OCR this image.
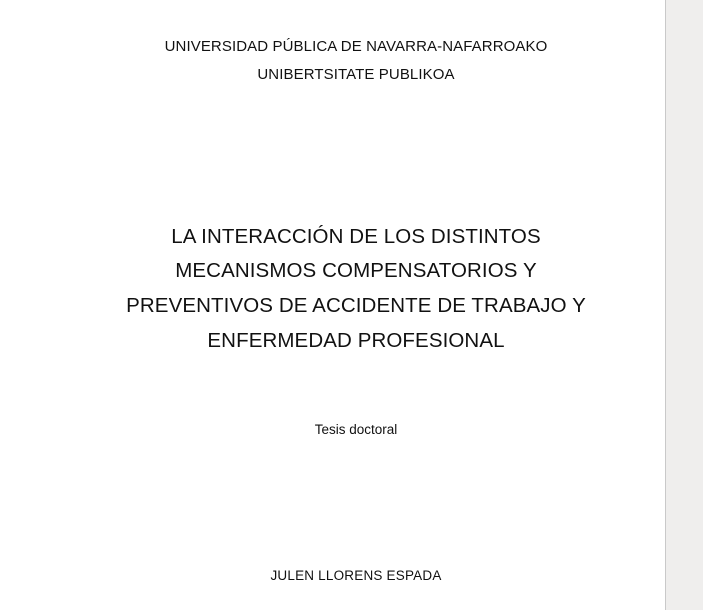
UNIVERSIDAD PÚBLICA DE NAVARRA-NAFARROAKO
UNIBERTSITATE PUBLIKOA
LA INTERACCIÓN DE LOS DISTINTOS
MECANISMOS COMPENSATORIOS Y
PREVENTIVOS DE ACCIDENTE DE TRABAJO Y
ENFERMEDAD PROFESIONAL
Tesis doctoral
JULEN LLORENS ESPADA
